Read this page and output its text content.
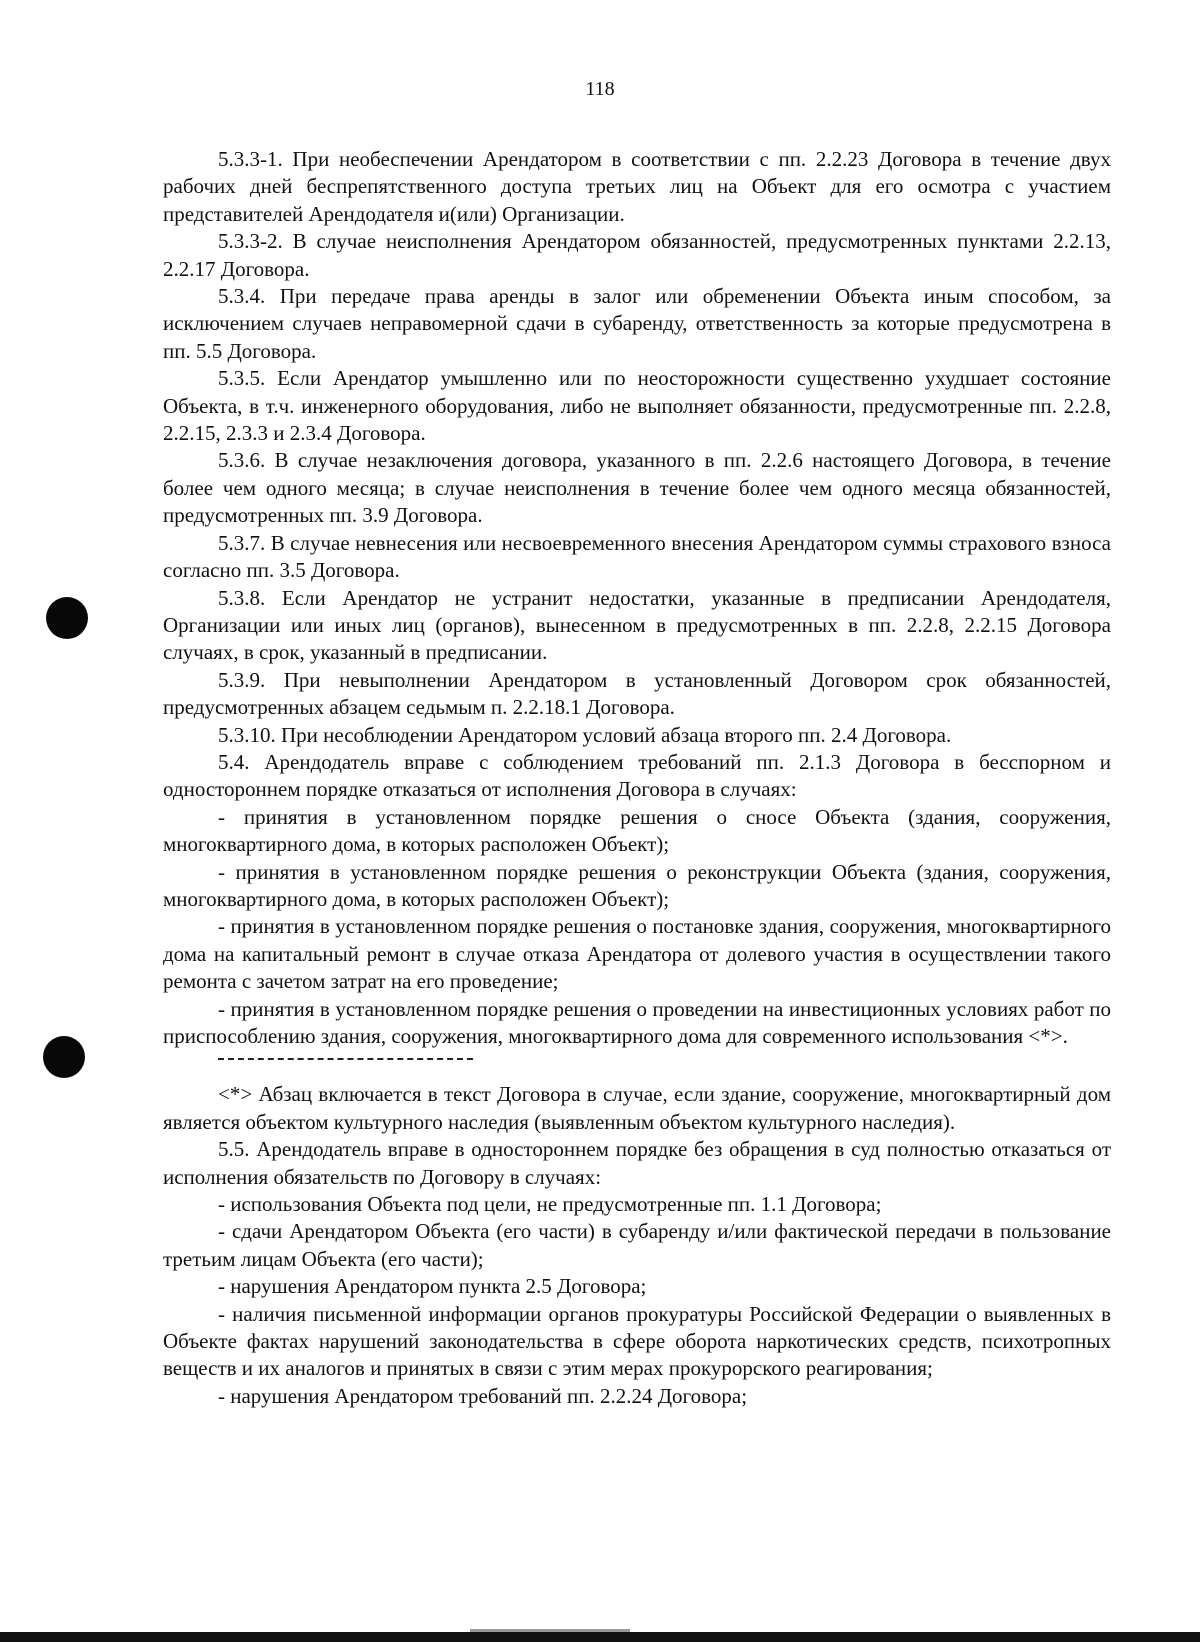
118

5.3.3-1. При необеспечении Арендатором в соответствии с пп. 2.2.23 Договора в течение двух рабочих дней беспрепятственного доступа третьих лиц на Объект для его осмотра с участием представителей Арендодателя и(или) Организации.

5.3.3-2. В случае неисполнения Арендатором обязанностей, предусмотренных пунктами 2.2.13, 2.2.17 Договора.

5.3.4. При передаче права аренды в залог или обременении Объекта иным способом, за исключением случаев неправомерной сдачи в субаренду, ответственность за которые предусмотрена в пп. 5.5 Договора.

5.3.5. Если Арендатор умышленно или по неосторожности существенно ухудшает состояние Объекта, в т.ч. инженерного оборудования, либо не выполняет обязанности, предусмотренные пп. 2.2.8, 2.2.15, 2.3.3 и 2.3.4 Договора.

5.3.6. В случае незаключения договора, указанного в пп. 2.2.6 настоящего Договора, в течение более чем одного месяца; в случае неисполнения в течение более чем одного месяца обязанностей, предусмотренных пп. 3.9 Договора.

5.3.7. В случае невнесения или несвоевременного внесения Арендатором суммы страхового взноса согласно пп. 3.5 Договора.

5.3.8. Если Арендатор не устранит недостатки, указанные в предписании Арендодателя, Организации или иных лиц (органов), вынесенном в предусмотренных в пп. 2.2.8, 2.2.15 Договора случаях, в срок, указанный в предписании.

5.3.9. При невыполнении Арендатором в установленный Договором срок обязанностей, предусмотренных абзацем седьмым п. 2.2.18.1 Договора.

5.3.10. При несоблюдении Арендатором условий абзаца второго пп. 2.4 Договора.

5.4. Арендодатель вправе с соблюдением требований пп. 2.1.3 Договора в бесспорном и одностороннем порядке отказаться от исполнения Договора в случаях:

- принятия в установленном порядке решения о сносе Объекта (здания, сооружения, многоквартирного дома, в которых расположен Объект);

- принятия в установленном порядке решения о реконструкции Объекта (здания, сооружения, многоквартирного дома, в которых расположен Объект);

- принятия в установленном порядке решения о постановке здания, сооружения, многоквартирного дома на капитальный ремонт в случае отказа Арендатора от долевого участия в осуществлении такого ремонта с зачетом затрат на его проведение;

- принятия в установленном порядке решения о проведении на инвестиционных условиях работ по приспособлению здания, сооружения, многоквартирного дома для современного использования <*>.

<*> Абзац включается в текст Договора в случае, если здание, сооружение, многоквартирный дом является объектом культурного наследия (выявленным объектом культурного наследия).

5.5. Арендодатель вправе в одностороннем порядке без обращения в суд полностью отказаться от исполнения обязательств по Договору в случаях:

- использования Объекта под цели, не предусмотренные пп. 1.1 Договора;

- сдачи Арендатором Объекта (его части) в субаренду и/или фактической передачи в пользование третьим лицам Объекта (его части);

- нарушения Арендатором пункта 2.5 Договора;

- наличия письменной информации органов прокуратуры Российской Федерации о выявленных в Объекте фактах нарушений законодательства в сфере оборота наркотических средств, психотропных веществ и их аналогов и принятых в связи с этим мерах прокурорского реагирования;

- нарушения Арендатором требований пп. 2.2.24 Договора;
